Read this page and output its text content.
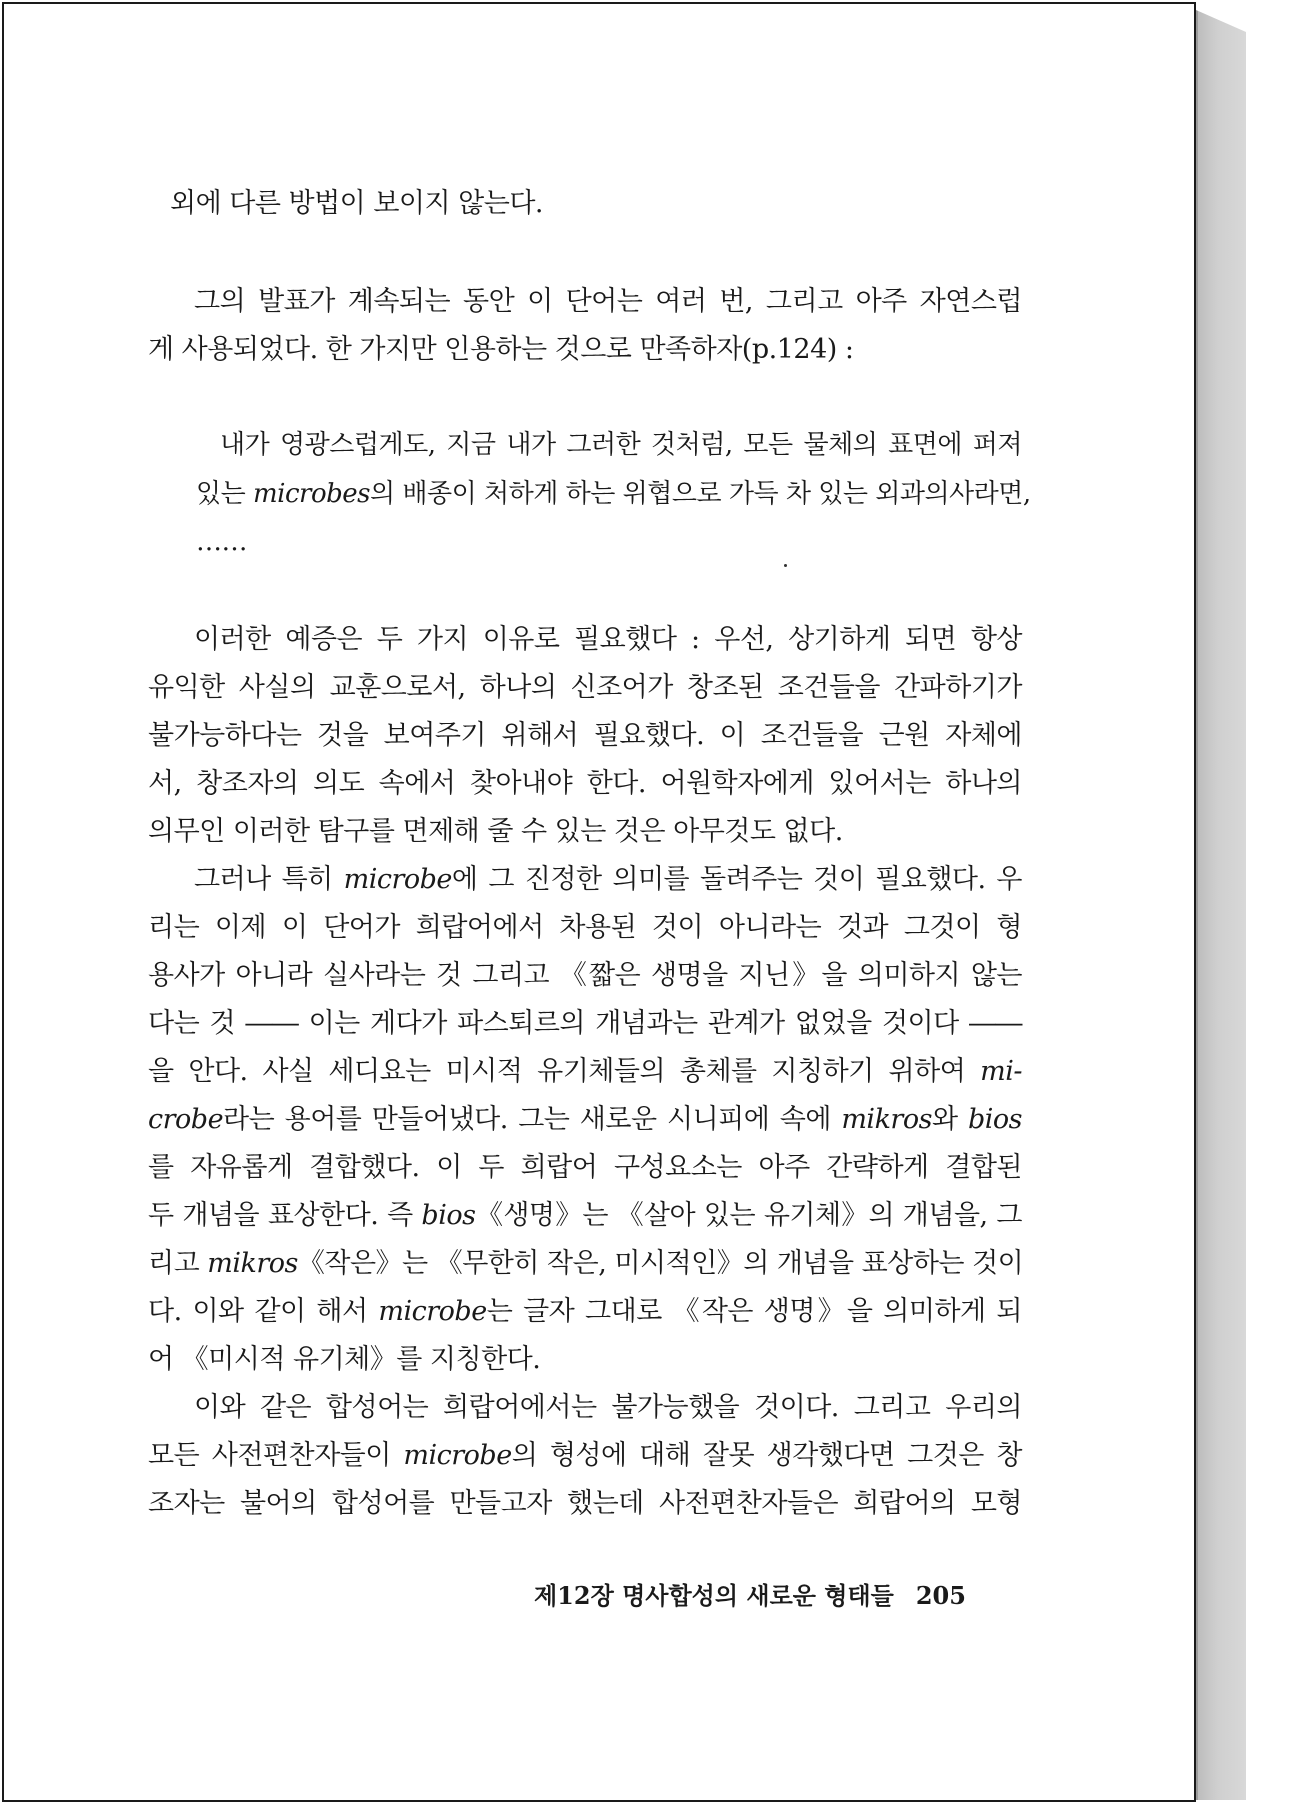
외에 다른 방법이 보이지 않는다.
그의 발표가 계속되는 동안 이 단어는 여러 번, 그리고 아주 자연스럽
게 사용되었다. 한 가지만 인용하는 것으로 만족하자(p.124) :
내가 영광스럽게도, 지금 내가 그러한 것처럼, 모든 물체의 표면에 퍼져
있는 microbes의 배종이 처하게 하는 위협으로 가득 차 있는 외과의사라면,
……
이러한 예증은 두 가지 이유로 필요했다 : 우선, 상기하게 되면 항상
유익한 사실의 교훈으로서, 하나의 신조어가 창조된 조건들을 간파하기가
불가능하다는 것을 보여주기 위해서 필요했다. 이 조건들을 근원 자체에
서, 창조자의 의도 속에서 찾아내야 한다. 어원학자에게 있어서는 하나의
의무인 이러한 탐구를 면제해 줄 수 있는 것은 아무것도 없다.
그러나 특히 microbe에 그 진정한 의미를 돌려주는 것이 필요했다. 우
리는 이제 이 단어가 희랍어에서 차용된 것이 아니라는 것과 그것이 형
용사가 아니라 실사라는 것 그리고 《짧은 생명을 지닌》을 의미하지 않는
다는 것 ―― 이는 게다가 파스퇴르의 개념과는 관계가 없었을 것이다 ――
을 안다. 사실 세디요는 미시적 유기체들의 총체를 지칭하기 위하여 mi-
crobe라는 용어를 만들어냈다. 그는 새로운 시니피에 속에 mikros와 bios
를 자유롭게 결합했다. 이 두 희랍어 구성요소는 아주 간략하게 결합된
두 개념을 표상한다. 즉 bios《생명》는 《살아 있는 유기체》의 개념을, 그
리고 mikros《작은》는 《무한히 작은, 미시적인》의 개념을 표상하는 것이
다. 이와 같이 해서 microbe는 글자 그대로 《작은 생명》을 의미하게 되
어 《미시적 유기체》를 지칭한다.
이와 같은 합성어는 희랍어에서는 불가능했을 것이다. 그리고 우리의
모든 사전편찬자들이 microbe의 형성에 대해 잘못 생각했다면 그것은 창
조자는 불어의 합성어를 만들고자 했는데 사전편찬자들은 희랍어의 모형
제12장 명사합성의 새로운 형태들 205
